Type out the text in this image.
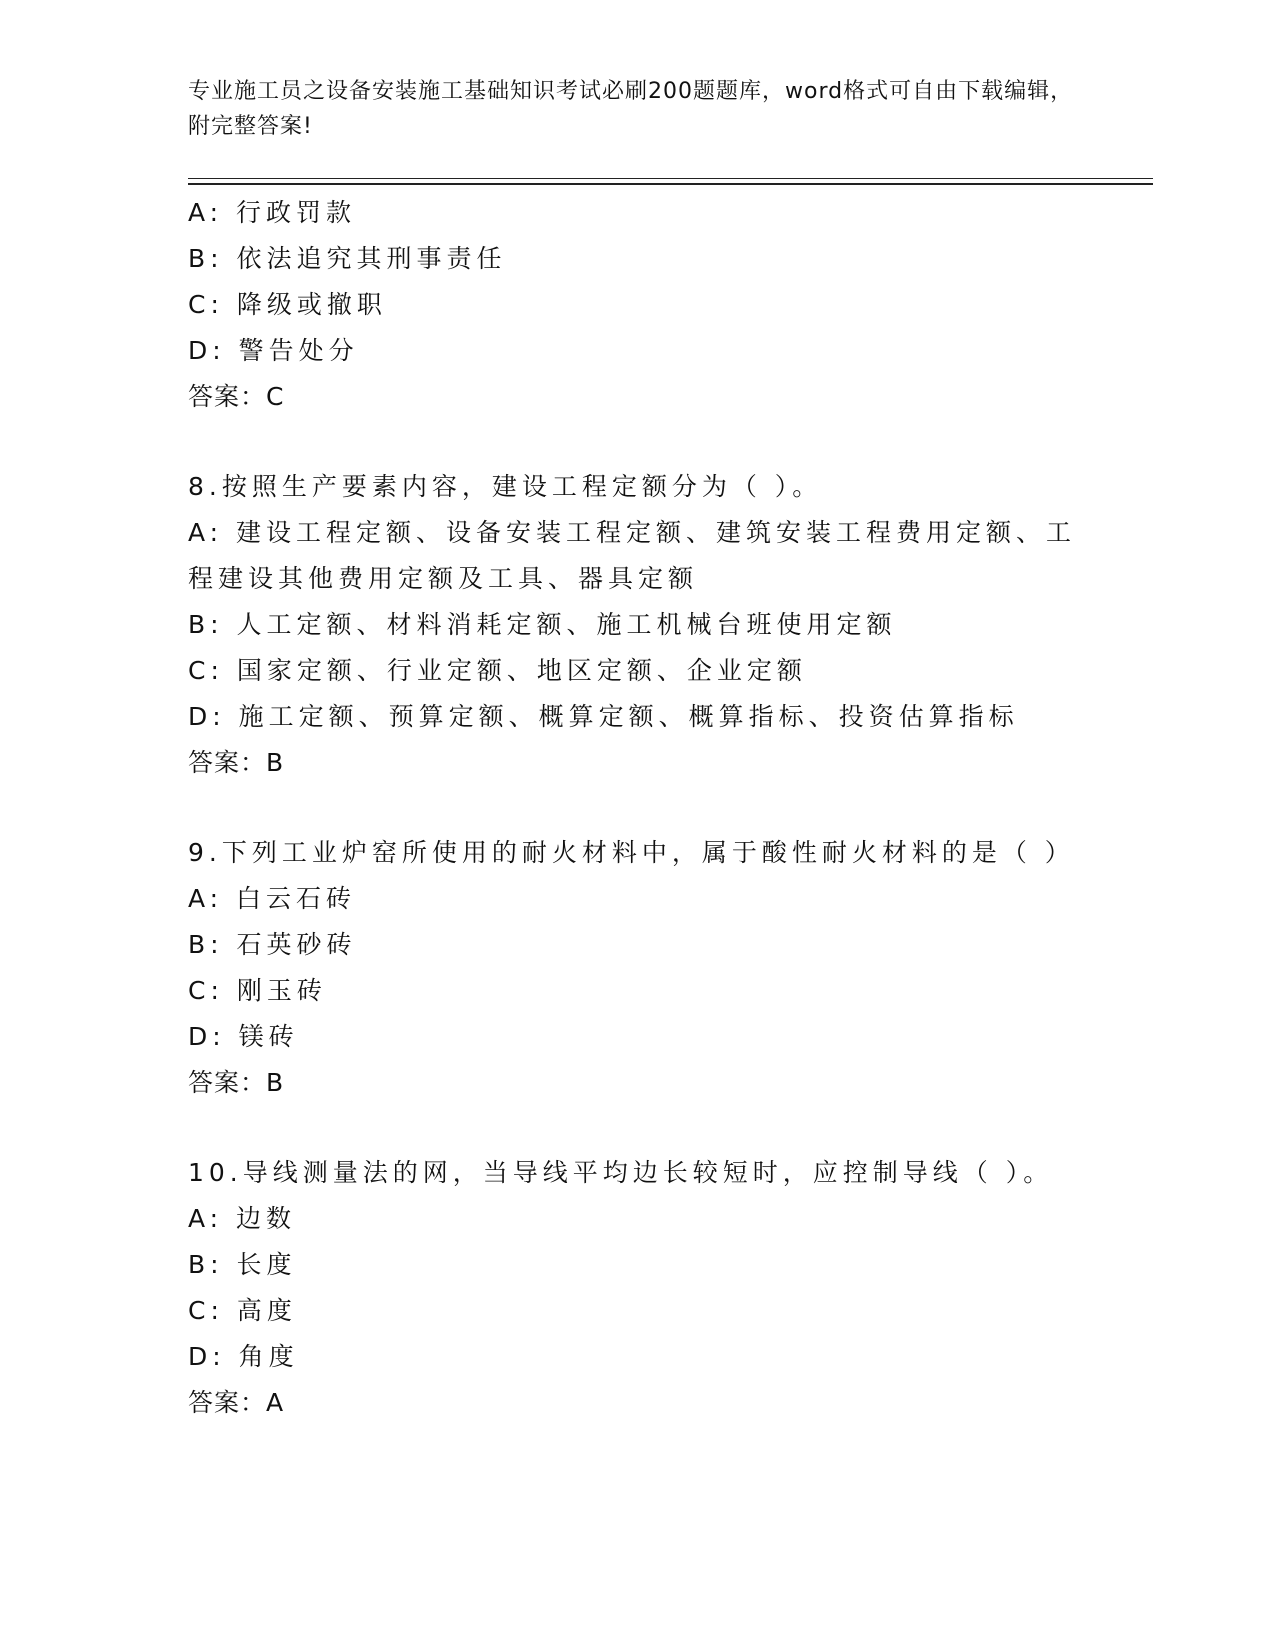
专业施工员之设备安装施工基础知识考试必刷200题题库，word格式可自由下载编辑，附完整答案!
A: 行政罚款
B: 依法追究其刑事责任
C: 降级或撤职
D: 警告处分
答案：C
8.按照生产要素内容，建设工程定额分为（ ）。
A: 建设工程定额、设备安装工程定额、建筑安装工程费用定额、工程建设其他费用定额及工具、器具定额
B: 人工定额、材料消耗定额、施工机械台班使用定额
C: 国家定额、行业定额、地区定额、企业定额
D: 施工定额、预算定额、概算定额、概算指标、投资估算指标
答案：B
9.下列工业炉窑所使用的耐火材料中，属于酸性耐火材料的是（ ）
A: 白云石砖
B: 石英砂砖
C: 刚玉砖
D: 镁砖
答案：B
10.导线测量法的网，当导线平均边长较短时，应控制导线（ ）。
A: 边数
B: 长度
C: 高度
D: 角度
答案：A
